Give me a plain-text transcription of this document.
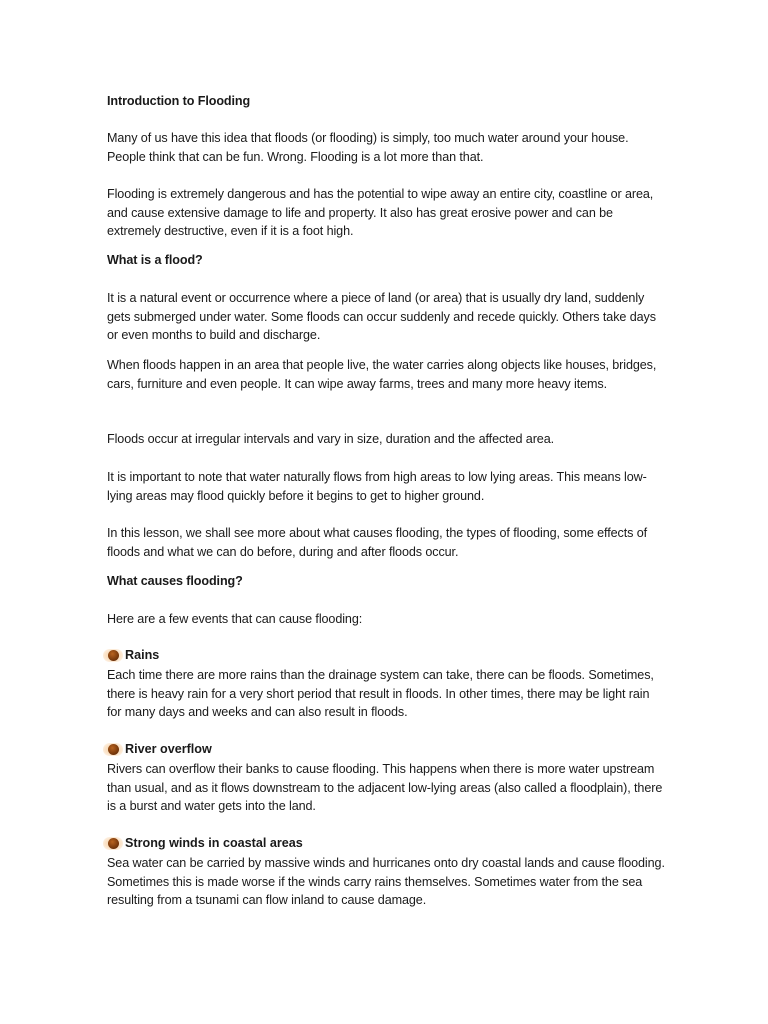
Introduction to Flooding
Many of us have this idea that floods (or flooding) is simply, too much water around your house. People think that can be fun. Wrong. Flooding is a lot more than that.
Flooding is extremely dangerous and has the potential to wipe away an entire city, coastline or area, and cause extensive damage to life and property. It also has great erosive power and can be extremely destructive, even if it is a foot high.
What is a flood?
It is a natural event or occurrence where a piece of land (or area) that is usually dry land, suddenly gets submerged under water. Some floods can occur suddenly and recede quickly. Others take days or even months to build and discharge.
When floods happen in an area that people live, the water carries along objects like houses, bridges, cars, furniture and even people. It can wipe away farms, trees and many more heavy items.
Floods occur at irregular intervals and vary in size, duration and the affected area.
It is important to note that water naturally flows from high areas to low lying areas. This means low-lying areas may flood quickly before it begins to get to higher ground.
In this lesson, we shall see more about what causes flooding, the types of flooding, some effects of floods and what we can do before, during and after floods occur.
What causes flooding?
Here are a few events that can cause flooding:
Rains
Each time there are more rains than the drainage system can take, there can be floods. Sometimes, there is heavy rain for a very short period that result in floods. In other times, there may be light rain for many days and weeks and can also result in floods.
River overflow
Rivers can overflow their banks to cause flooding. This happens when there is more water upstream than usual, and as it flows downstream to the adjacent low-lying areas (also called a floodplain), there is a burst and water gets into the land.
Strong winds in coastal areas
Sea water can be carried by massive winds and hurricanes onto dry coastal lands and cause flooding. Sometimes this is made worse if the winds carry rains themselves. Sometimes water from the sea resulting from a tsunami can flow inland to cause damage.
